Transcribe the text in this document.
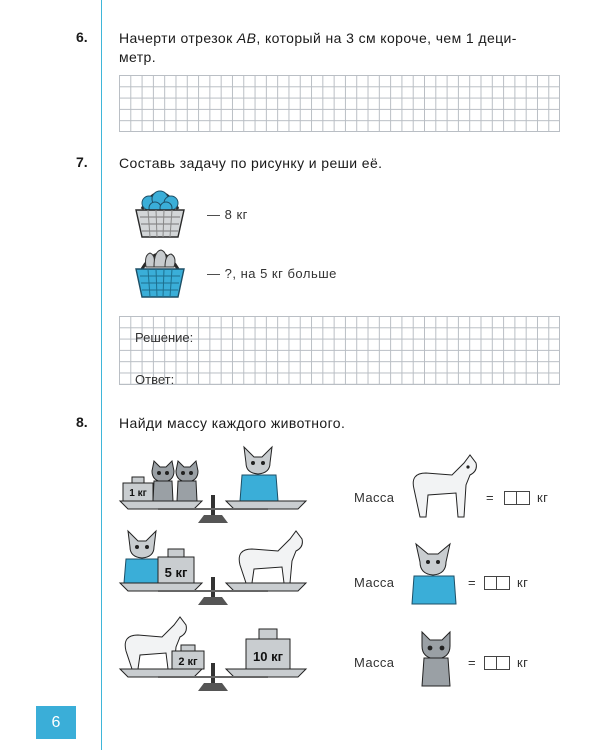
6. Начерти отрезок AB, который на 3 см короче, чем 1 деци-
метр.
7. Составь задачу по рисунку и реши её.
— 8 кг
— ?, на 5 кг больше
Решение:
Ответ:
8. Найди массу каждого животного.
1 кг
5 кг
2 кг	10 кг
Масса	=	кг
Масса	=	кг
Масса	=	кг
6
